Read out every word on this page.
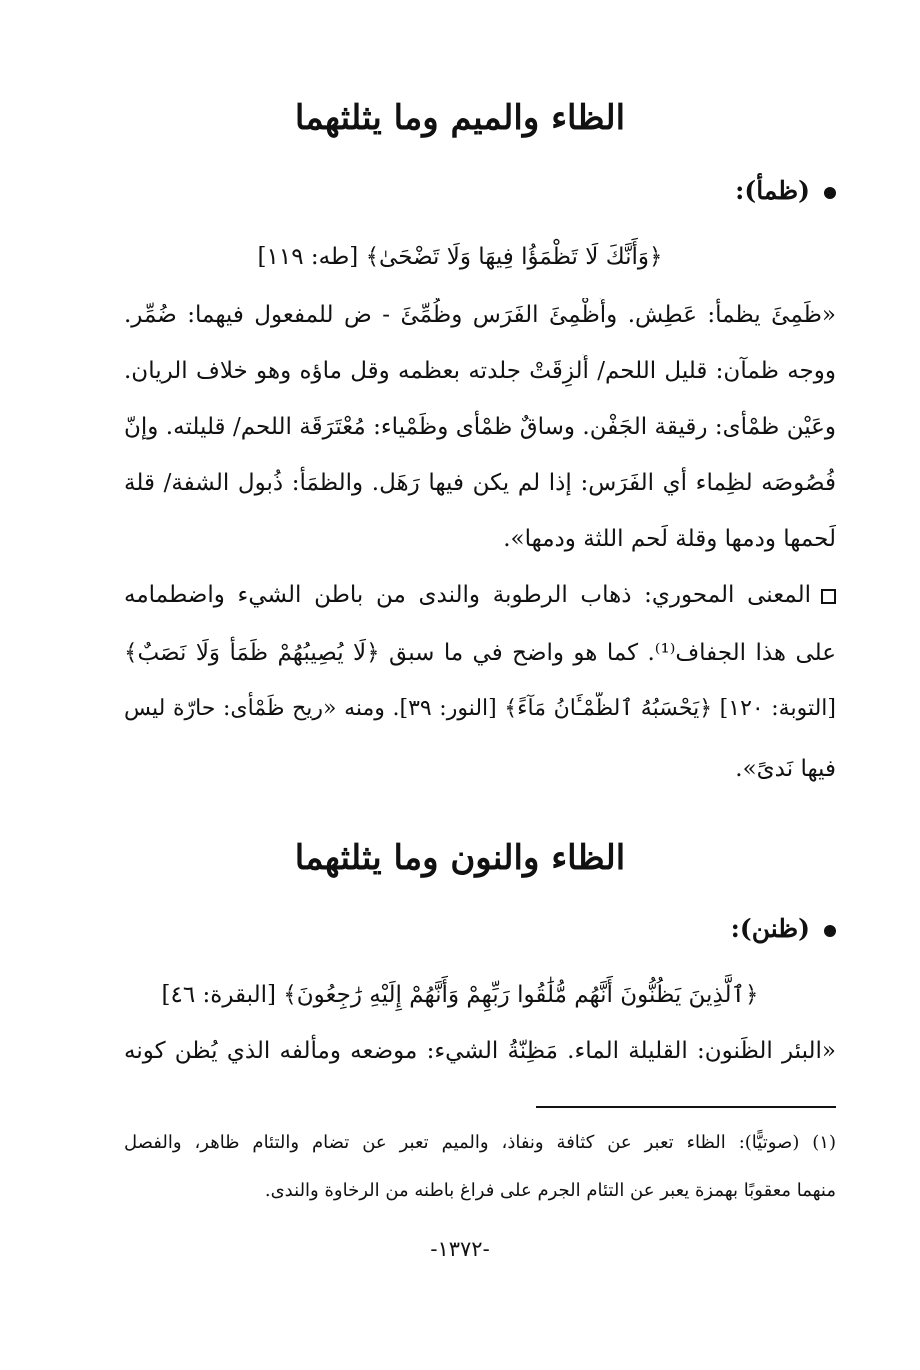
الظاء والميم وما يثلثهما
(ظمأ):
﴿وَأَنَّكَ لَا تَظْمَؤُا فِيهَا وَلَا تَضْحَىٰ﴾ [طه: ١١٩]
«ظَمِئَ يظمأ: عَطِش. وأُظْمِئَ الفَرَس وظُمِّئَ - ض للمفعول فيهما: ضُمِّر.
ووجه ظمآن: قليل اللحم/ أُلزِقَتْ جلدته بعظمه وقل ماؤه وهو خلاف الريان.
وعَيْن ظمْأى: رقيقة الجَفْن. وساقٌ ظمْأى وظَمْياء: مُعْتَرَقَة اللحم/ قليلته. وإنّ
فُصُوصَه لظِماء أي الفَرَس: إذا لم يكن فيها رَهَل. والظمَأ: ذُبول الشفة/ قلة
لَحمها ودمها وقلة لَحم اللثة ودمها».
المعنى المحوري: ذهاب الرطوبة والندى من باطن الشيء واضطمامه
على هذا الجفاف⁽¹⁾. كما هو واضح في ما سبق ﴿لَا يُصِيبُهُمْ ظَمَأٌ وَلَا نَصَبٌ﴾
[التوبة: ١٢٠] ﴿يَحْسَبُهُ ٱلظَّمْـَٔانُ مَآءً﴾ [النور: ٣٩]. ومنه «ريح ظَمْأى: حارّة ليس
فيها نَدىً».
الظاء والنون وما يثلثهما
(ظنن):
﴿ٱلَّذِينَ يَظُنُّونَ أَنَّهُم مُّلَٰقُوا رَبِّهِمْ وَأَنَّهُمْ إِلَيْهِ رَٰجِعُونَ﴾ [البقرة: ٤٦]
«البئر الظَنون: القليلة الماء. مَظِنّةُ الشيء: موضعه ومألفه الذي يُظن كونه
(١) (صوتيًّا): الظاء تعبر عن كثافة ونفاذ، والميم تعبر عن تضام والتئام ظاهر، والفصل
منهما معقوبًا بهمزة يعبر عن التئام الجرم على فراغ باطنه من الرخاوة والندى.
-١٣٧٢-
